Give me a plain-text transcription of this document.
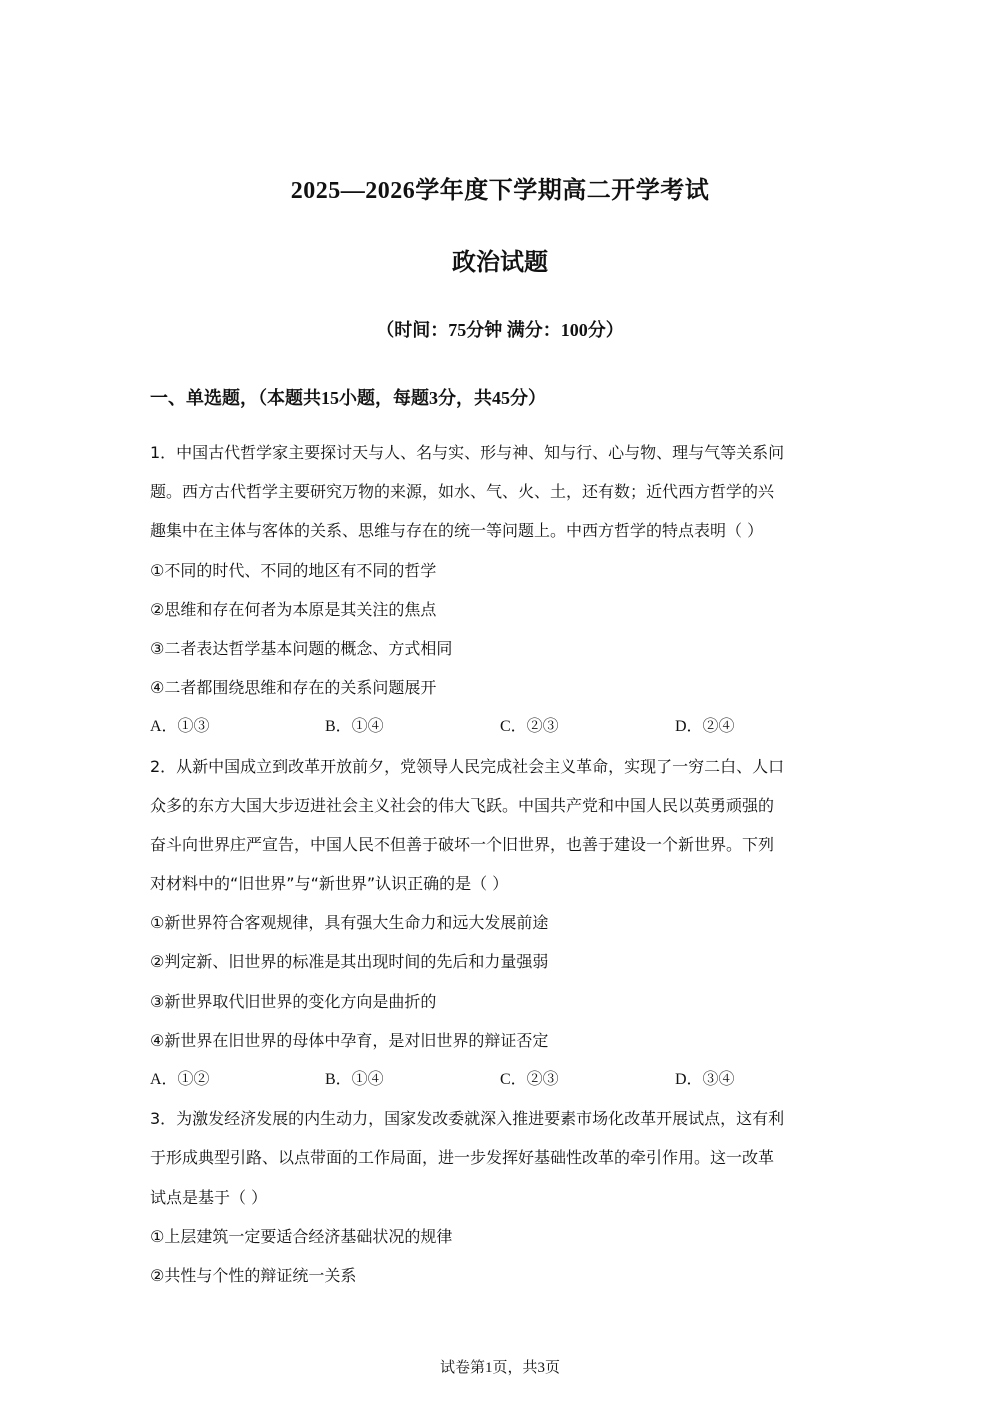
2025—2026学年度下学期高二开学考试
政治试题
（时间：75分钟 满分：100分）
一、单选题，（本题共15小题，每题3分，共45分）
1．中国古代哲学家主要探讨天与人、名与实、形与神、知与行、心与物、理与气等关系问
题。西方古代哲学主要研究万物的来源，如水、气、火、土，还有数；近代西方哲学的兴
趣集中在主体与客体的关系、思维与存在的统一等问题上。中西方哲学的特点表明（ ）
①不同的时代、不同的地区有不同的哲学
②思维和存在何者为本原是其关注的焦点
③二者表达哲学基本问题的概念、方式相同
④二者都围绕思维和存在的关系问题展开
A．①③	B．①④	C．②③	D．②④
2．从新中国成立到改革开放前夕，党领导人民完成社会主义革命，实现了一穷二白、人口
众多的东方大国大步迈进社会主义社会的伟大飞跃。中国共产党和中国人民以英勇顽强的
奋斗向世界庄严宣告，中国人民不但善于破坏一个旧世界，也善于建设一个新世界。下列
对材料中的“旧世界”与“新世界”认识正确的是（ ）
①新世界符合客观规律，具有强大生命力和远大发展前途
②判定新、旧世界的标准是其出现时间的先后和力量强弱
③新世界取代旧世界的变化方向是曲折的
④新世界在旧世界的母体中孕育，是对旧世界的辩证否定
A．①②	B．①④	C．②③	D．③④
3．为激发经济发展的内生动力，国家发改委就深入推进要素市场化改革开展试点，这有利
于形成典型引路、以点带面的工作局面，进一步发挥好基础性改革的牵引作用。这一改革
试点是基于（ ）
①上层建筑一定要适合经济基础状况的规律
②共性与个性的辩证统一关系
试卷第1页，共3页
